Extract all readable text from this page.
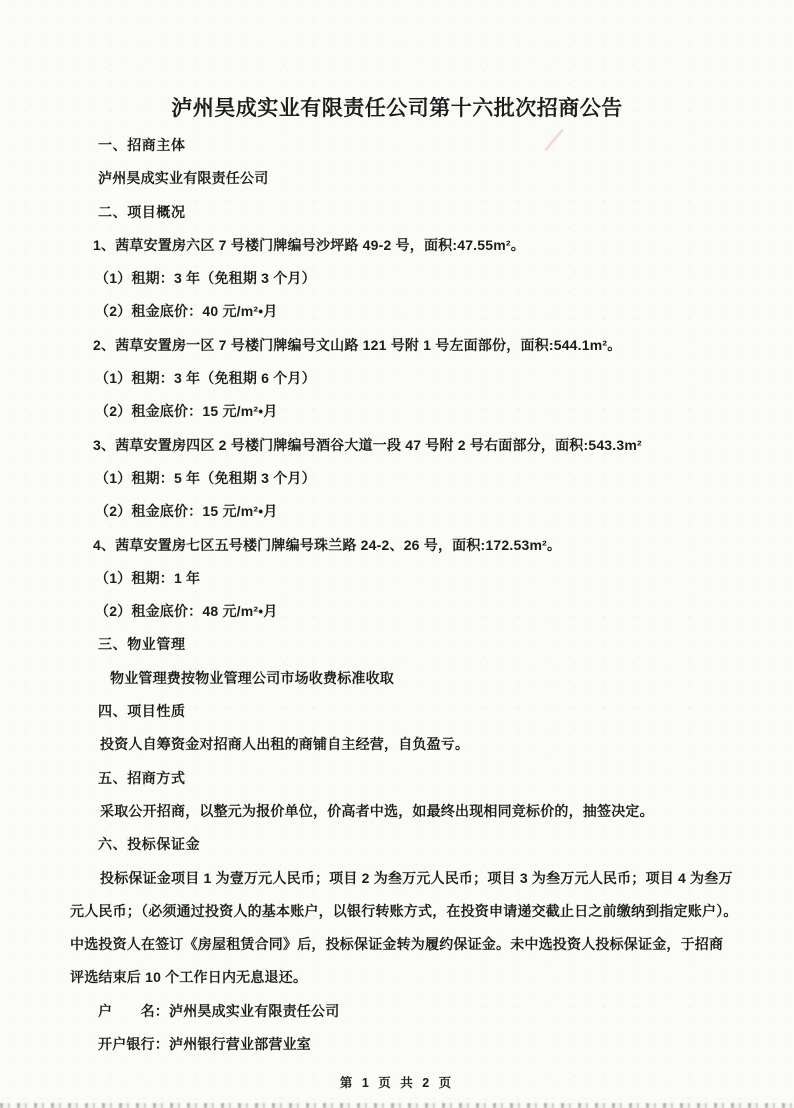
泸州昊成实业有限责任公司第十六批次招商公告

一、招商主体

泸州昊成实业有限责任公司

二、项目概况

1、茜草安置房六区 7 号楼门牌编号沙坪路 49-2 号，面积:47.55m²。

（1）租期：3 年（免租期 3 个月）

（2）租金底价：40 元/m²•月

2、茜草安置房一区 7 号楼门牌编号文山路 121 号附 1 号左面部份，面积:544.1m²。

（1）租期：3 年（免租期 6 个月）

（2）租金底价：15 元/m²•月

3、茜草安置房四区 2 号楼门牌编号酒谷大道一段 47 号附 2 号右面部分，面积:543.3m²

（1）租期：5 年（免租期 3 个月）

（2）租金底价：15 元/m²•月

4、茜草安置房七区五号楼门牌编号珠兰路 24-2、26 号，面积:172.53m²。

（1）租期：1 年

（2）租金底价：48 元/m²•月

三、物业管理

物业管理费按物业管理公司市场收费标准收取

四、项目性质

投资人自筹资金对招商人出租的商铺自主经营，自负盈亏。

五、招商方式

采取公开招商，以整元为报价单位，价高者中选，如最终出现相同竞标价的，抽签决定。

六、投标保证金

投标保证金项目 1 为壹万元人民币；项目 2 为叁万元人民币；项目 3 为叁万元人民币；项目 4 为叁万

元人民币；（必须通过投资人的基本账户，以银行转账方式，在投资申请递交截止日之前缴纳到指定账户）。

中选投资人在签订《房屋租赁合同》后，投标保证金转为履约保证金。未中选投资人投标保证金，于招商

评选结束后 10 个工作日内无息退还。

户　　名：泸州昊成实业有限责任公司

开户银行：泸州银行营业部营业室

第 1 页 共 2 页
